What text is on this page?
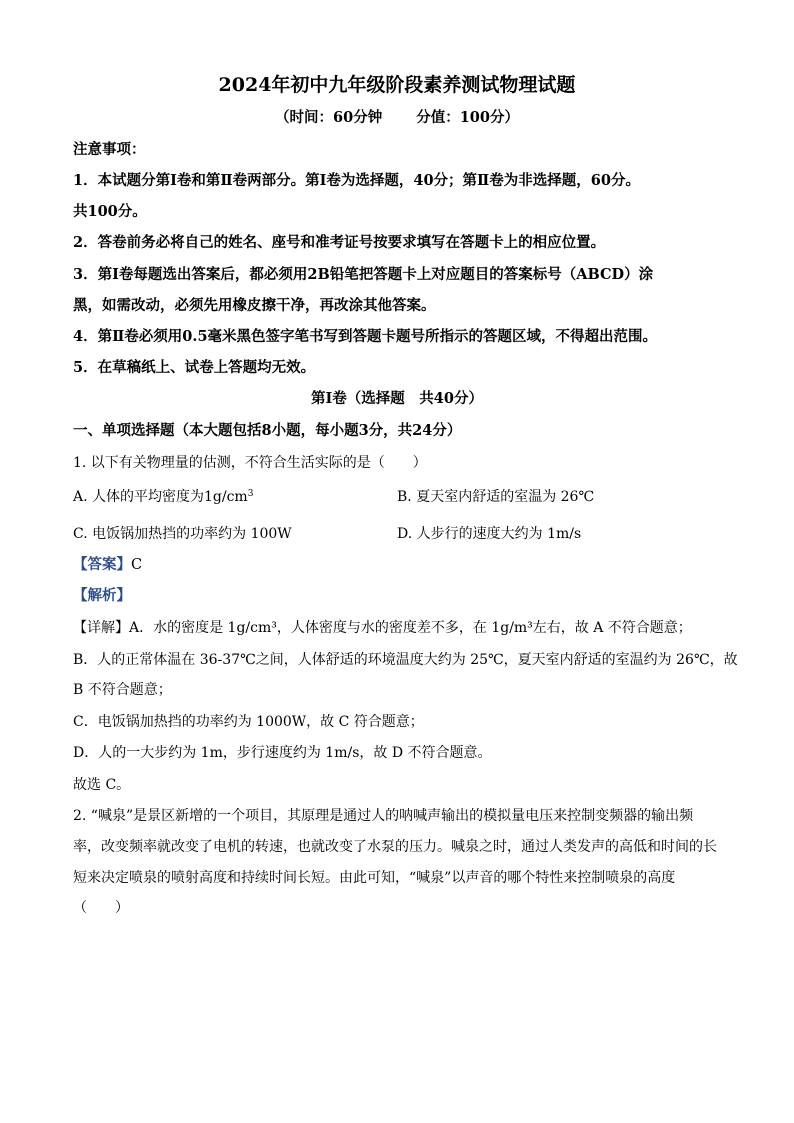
2024年初中九年级阶段素养测试物理试题
（时间：60分钟 分值：100分）
注意事项：
1．本试题分第Ⅰ卷和第Ⅱ卷两部分。第Ⅰ卷为选择题，40分；第Ⅱ卷为非选择题，60分。
共100分。
2．答卷前务必将自己的姓名、座号和准考证号按要求填写在答题卡上的相应位置。
3．第Ⅰ卷每题选出答案后，都必须用2B铅笔把答题卡上对应题目的答案标号（ABCD）涂
黑，如需改动，必须先用橡皮擦干净，再改涂其他答案。
4．第Ⅱ卷必须用0.5毫米黑色签字笔书写到答题卡题号所指示的答题区域，不得超出范围。
5．在草稿纸上、试卷上答题均无效。
第Ⅰ卷（选择题　共40分）
一、单项选择题（本大题包括8小题，每小题3分，共24分）
1. 以下有关物理量的估测，不符合生活实际的是（　　）
A. 人体的平均密度为$1g/cm^3$	B. 夏天室内舒适的室温为 26℃
C. 电饭锅加热挡的功率约为 100W	D. 人步行的速度大约为 1m/s
【答案】C
【解析】
【详解】A．水的密度是 1g/cm³，人体密度与水的密度差不多，在 1g/m³左右，故 A 不符合题意；
B．人的正常体温在 36-37℃之间，人体舒适的环境温度大约为 25℃，夏天室内舒适的室温约为 26℃，故
B 不符合题意；
C．电饭锅加热挡的功率约为 1000W，故 C 符合题意；
D．人的一大步约为 1m，步行速度约为 1m/s，故 D 不符合题意。
故选 C。
2. “喊泉”是景区新增的一个项目，其原理是通过人的呐喊声输出的模拟量电压来控制变频器的输出频
率，改变频率就改变了电机的转速，也就改变了水泵的压力。喊泉之时，通过人类发声的高低和时间的长
短来决定喷泉的喷射高度和持续时间长短。由此可知，“喊泉”以声音的哪个特性来控制喷泉的高度
（　　）
